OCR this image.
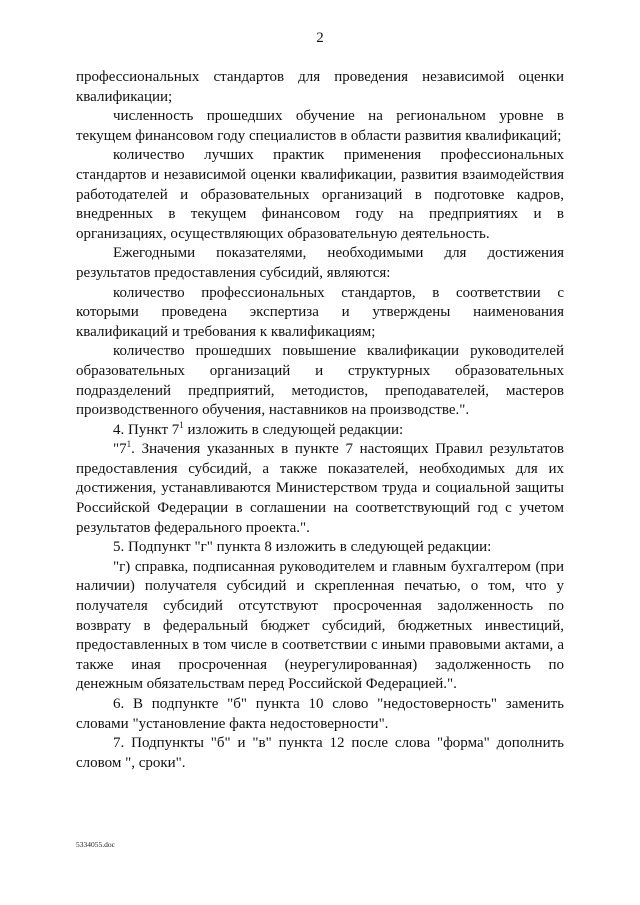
2

профессиональных стандартов для проведения независимой оценки квалификации;

численность прошедших обучение на региональном уровне в текущем финансовом году специалистов в области развития квалификаций;

количество лучших практик применения профессиональных стандартов и независимой оценки квалификации, развития взаимодействия работодателей и образовательных организаций в подготовке кадров, внедренных в текущем финансовом году на предприятиях и в организациях, осуществляющих образовательную деятельность.

Ежегодными показателями, необходимыми для достижения результатов предоставления субсидий, являются:

количество профессиональных стандартов, в соответствии с которыми проведена экспертиза и утверждены наименования квалификаций и требования к квалификациям;

количество прошедших повышение квалификации руководителей образовательных организаций и структурных образовательных подразделений предприятий, методистов, преподавателей, мастеров производственного обучения, наставников на производстве.".

4. Пункт $7^1$ изложить в следующей редакции:

"$7^1$. Значения указанных в пункте 7 настоящих Правил результатов предоставления субсидий, а также показателей, необходимых для их достижения, устанавливаются Министерством труда и социальной защиты Российской Федерации в соглашении на соответствующий год с учетом результатов федерального проекта.".

5. Подпункт "г" пункта 8 изложить в следующей редакции:

"г) справка, подписанная руководителем и главным бухгалтером (при наличии) получателя субсидий и скрепленная печатью, о том, что у получателя субсидий отсутствуют просроченная задолженность по возврату в федеральный бюджет субсидий, бюджетных инвестиций, предоставленных в том числе в соответствии с иными правовыми актами, а также иная просроченная (неурегулированная) задолженность по денежным обязательствам перед Российской Федерацией.".

6. В подпункте "б" пункта 10 слово "недостоверность" заменить словами "установление факта недостоверности".

7. Подпункты "б" и "в" пункта 12 после слова "форма" дополнить словом ", сроки".

5334055.doc
